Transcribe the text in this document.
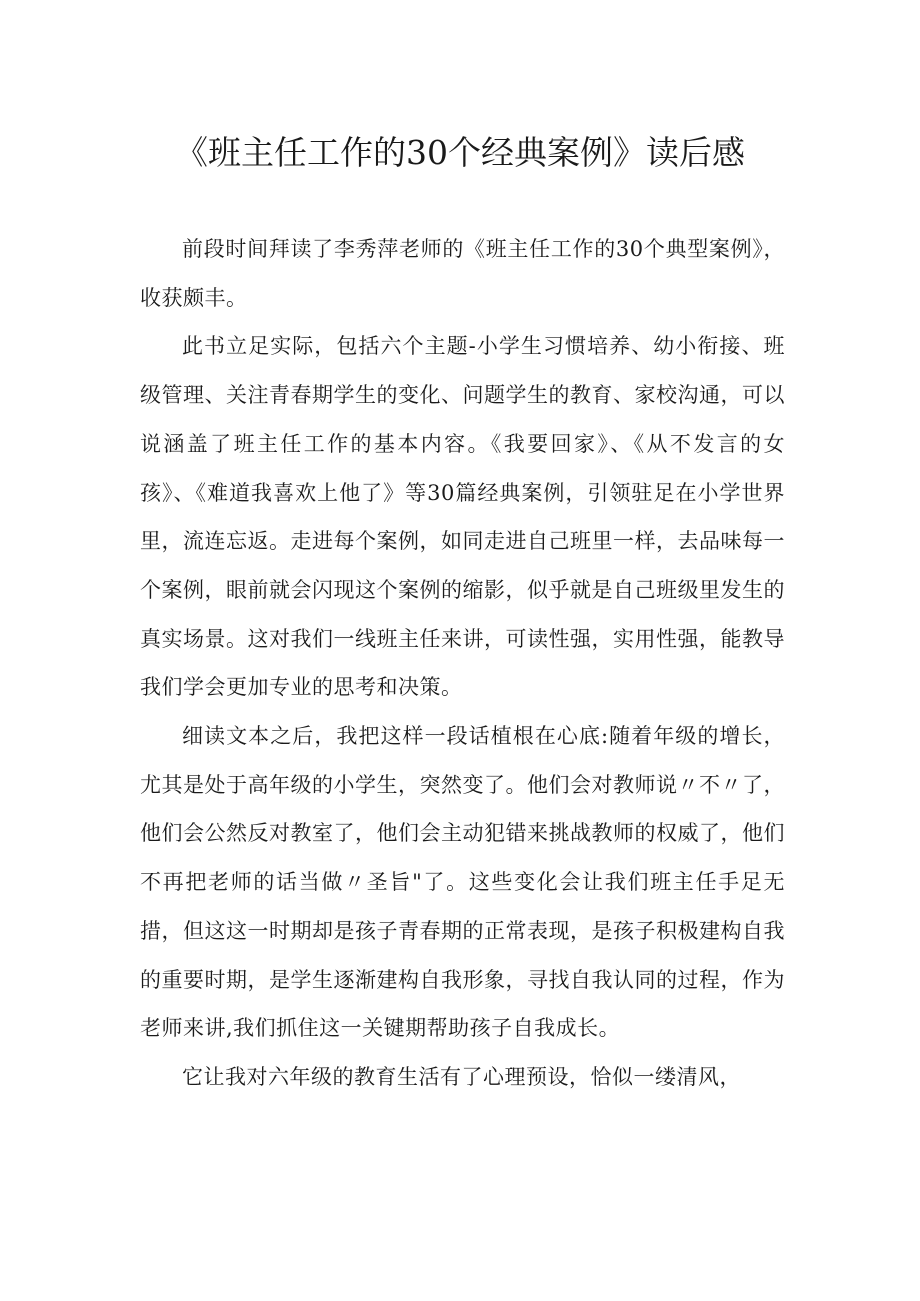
《班主任工作的30个经典案例》读后感

前段时间拜读了李秀萍老师的《班主任工作的30个典型案例》，收获颇丰。

此书立足实际，包括六个主题-小学生习惯培养、幼小衔接、班级管理、关注青春期学生的变化、问题学生的教育、家校沟通，可以说涵盖了班主任工作的基本内容。《我要回家》、《从不发言的女孩》、《难道我喜欢上他了》等30篇经典案例，引领驻足在小学世界里，流连忘返。走进每个案例，如同走进自己班里一样，去品味每一个案例，眼前就会闪现这个案例的缩影，似乎就是自己班级里发生的真实场景。这对我们一线班主任来讲，可读性强，实用性强，能教导我们学会更加专业的思考和决策。

细读文本之后，我把这样一段话植根在心底:随着年级的增长，尤其是处于高年级的小学生，突然变了。他们会对教师说〃不〃了，他们会公然反对教室了，他们会主动犯错来挑战教师的权威了，他们不再把老师的话当做〃圣旨"了。这些变化会让我们班主任手足无措，但这这一时期却是孩子青春期的正常表现，是孩子积极建构自我的重要时期，是学生逐渐建构自我形象，寻找自我认同的过程，作为老师来讲,我们抓住这一关键期帮助孩子自我成长。

它让我对六年级的教育生活有了心理预设，恰似一缕清风，
